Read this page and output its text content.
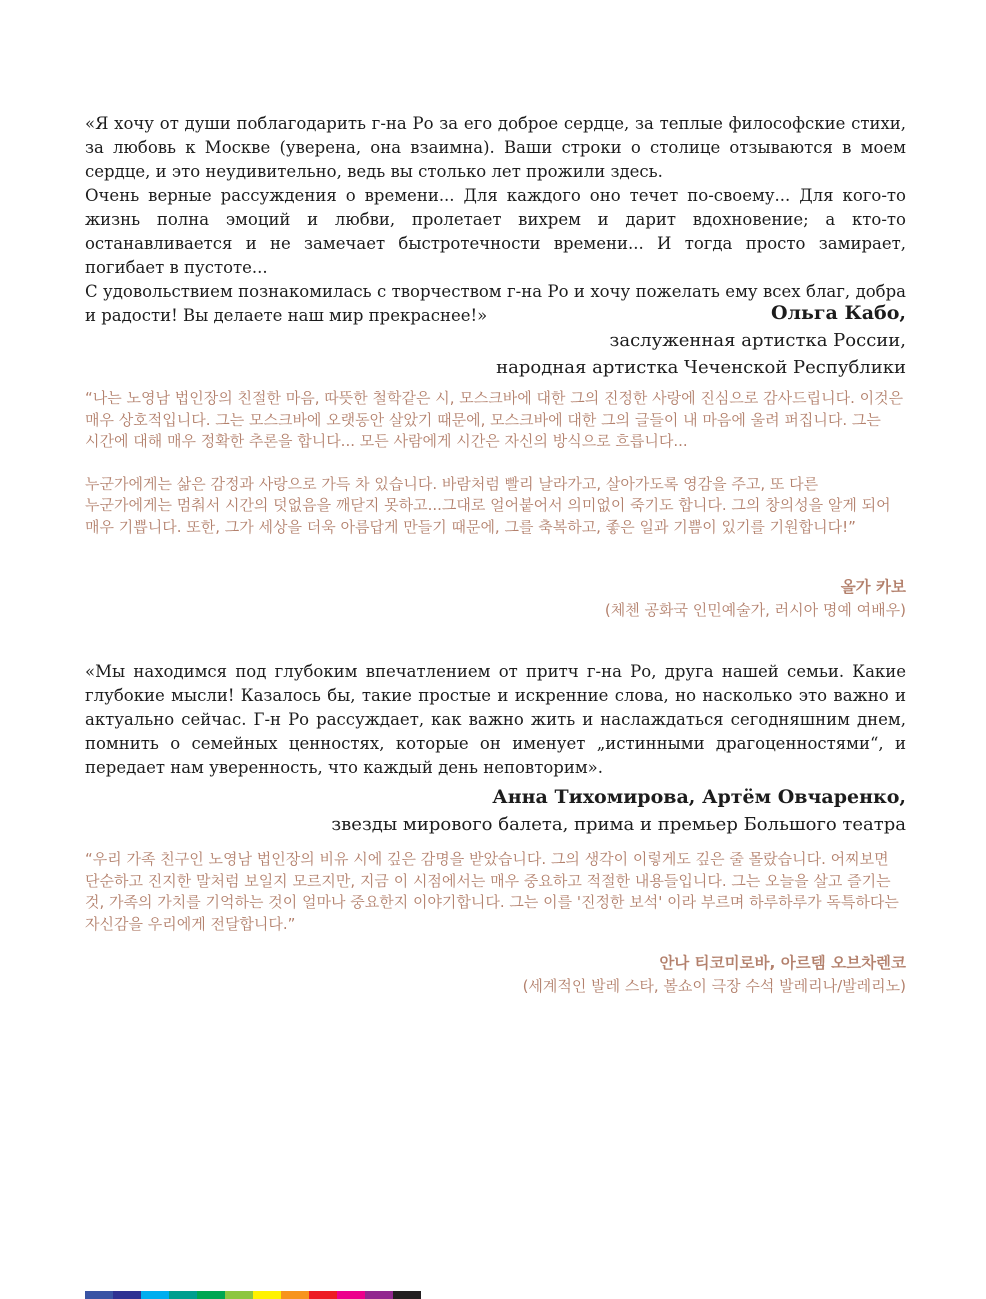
«Я хочу от души поблагодарить г-на Ро за его доброе сердце, за теплые философские стихи, за любовь к Москве (уверена, она взаимна). Ваши строки о столице отзываются в моем сердце, и это неудивительно, ведь вы столько лет прожили здесь.

Очень верные рассуждения о времени... Для каждого оно течет по-своему... Для кого-то жизнь полна эмоций и любви, пролетает вихрем и дарит вдохновение; а кто-то останавливается и не замечает быстротечности времени... И тогда просто замирает, погибает в пустоте...

С удовольствием познакомилась с творчеством г-на Ро и хочу пожелать ему всех благ, добра и радости! Вы делаете наш мир прекраснее!»	Ольга Кабо,
заслуженная артистка России,
народная артистка Чеченской Республики

“나는 노영남 법인장의 친절한 마음, 따뜻한 철학같은 시, 모스크바에 대한 그의 진정한 사랑에 진심으로 감사드립니다. 이것은 매우 상호적입니다. 그는 모스크바에 오랫동안 살았기 때문에, 모스크바에 대한 그의 글들이 내 마음에 울려 퍼집니다. 그는 시간에 대해 매우 정확한 추론을 합니다... 모든 사람에게 시간은 자신의 방식으로 흐릅니다...

누군가에게는 삶은 감정과 사랑으로 가득 차 있습니다. 바람처럼 빨리 날라가고, 살아가도록 영감을 주고, 또 다른 누군가에게는 멈춰서 시간의 덧없음을 깨닫지 못하고...그대로 얼어붙어서 의미없이 죽기도 합니다. 그의 창의성을 알게 되어 매우 기쁩니다. 또한, 그가 세상을 더욱 아름답게 만들기 때문에, 그를 축복하고, 좋은 일과 기쁨이 있기를 기원합니다!”

올가 카보
(체첸 공화국 인민예술가, 러시아 명예 여배우)

«Мы находимся под глубоким впечатлением от притч г-на Ро, друга нашей семьи. Какие глубокие мысли! Казалось бы, такие простые и искренние слова, но насколько это важно и актуально сейчас. Г-н Ро рассуждает, как важно жить и наслаждаться сегодняшним днем, помнить о семейных ценностях, которые он именует „истинными драгоценностями“, и передает нам уверенность, что каждый день неповторим».

Анна Тихомирова, Артём Овчаренко,
звезды мирового балета, прима и премьер Большого театра

“우리 가족 친구인 노영남 법인장의 비유 시에 깊은 감명을 받았습니다. 그의 생각이 이렇게도 깊은 줄 몰랐습니다. 어찌보면 단순하고 진지한 말처럼 보일지 모르지만, 지금 이 시점에서는 매우 중요하고 적절한 내용들입니다. 그는 오늘을 살고 즐기는 것, 가족의 가치를 기억하는 것이 얼마나 중요한지 이야기합니다. 그는 이를 '진정한 보석' 이라 부르며 하루하루가 독특하다는 자신감을 우리에게 전달합니다.”

안나 티코미로바, 아르템 오브차렌코
(세계적인 발레 스타, 볼쇼이 극장 수석 발레리나/발레리노)
